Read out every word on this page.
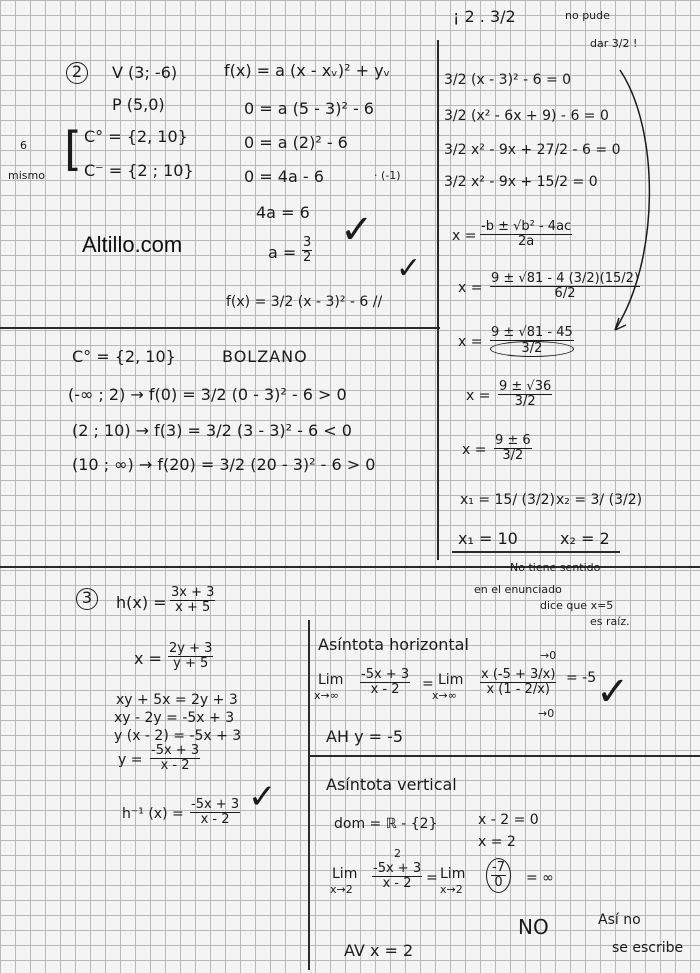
Altillo.com
¡ 2 . 3/2	no pude
dar 3/2 !
2	V (3; -6)
P (5,0)
6
mismo [ C° = {2, 10}
C⁻ = {2 ; 10}
f(x) = a (x - xᵥ)² + yᵥ
0 = a (5 - 3)² - 6
0 = a (2)² - 6
0 = 4a - 6	· (-1)
4a = 6
$a = \frac{3}{2}$ ✓
✓
f(x) = 3/2 (x - 3)² - 6 //
3/2 (x - 3)² - 6 = 0
3/2 (x² - 6x + 9) - 6 = 0
3/2 x² - 9x + 27/2 - 6 = 0
3/2 x² - 9x + 15/2 = 0
$x = \frac{\text{-b ± √b² - 4ac}}{2a}$
$x = \frac{9 \pm √81 - 4 (3/2)(15/2)}{6/2}$
$x = \frac{9 \pm √81 - 45}{3/2}$
$x = \frac{9 \pm √36}{3/2}$
$x = \frac{9 \pm 6}{3/2}$
x₁ = 15/ (3/2) x₂ = 3/ (3/2)
x₁ = 10	x₂ = 2
No tiene sentido
en el enunciado
dice que x=5
es raíz.
C° = {2, 10}	BOLZANO
(-∞ ; 2) → f(0) = 3/2 (0 - 3)² - 6 > 0
(2 ; 10) → f(3) = 3/2 (3 - 3)² - 6 < 0
(10 ; ∞) → f(20) = 3/2 (20 - 3)² - 6 > 0
3	$h(x) = \frac{3x + 3}{x + 5}$
$x = \frac{2y + 3}{y + 5}$
xy + 5x = 2y + 3
xy - 2y = -5x + 3
y (x - 2) = -5x + 3
$y = \frac{-5x + 3}{x - 2}$
h⁻¹ $(x) = \frac{-5x + 3}{x - 2}$ ✓
Asíntota horizontal
→0
Lim
$x\to\infty \frac{-5x + 3}{x - 2}$ = Lim
$x\to\infty \frac{x (-5 + 3/x)}{x (1 - 2/x)} = -5$
→0 ✓
AH y = -5
Asíntota vertical
dom = ℝ - {2}	x - 2 = 0
x = 2
2
Lim
$x\to 2 \frac{-5x + 3}{x - 2}$ = Lim
$x\to 2 \frac{-7}{0}$ = ∞
NO	Así no
se escribe
AV x = 2
